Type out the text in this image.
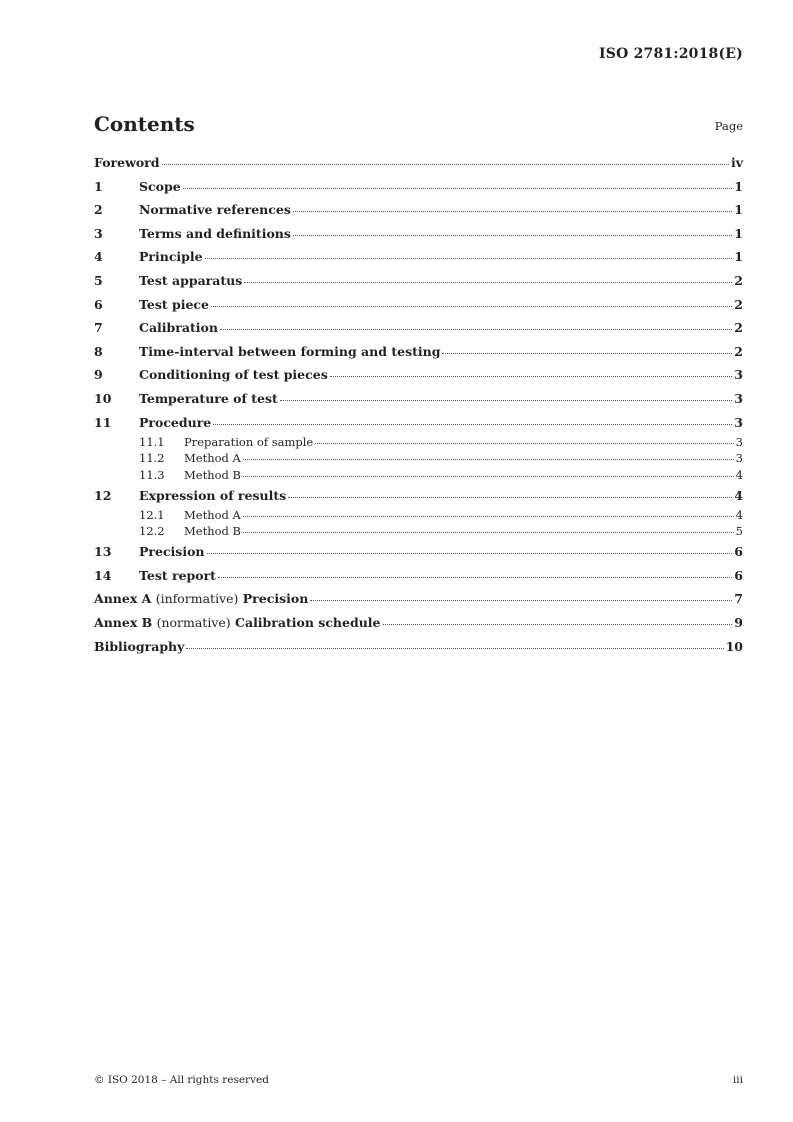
ISO 2781:2018(E)
Contents	Page
Foreword	iv
1	Scope	1
2	Normative references	1
3	Terms and definitions	1
4	Principle	1
5	Test apparatus	2
6	Test piece	2
7	Calibration	2
8	Time-interval between forming and testing	2
9	Conditioning of test pieces	3
10	Temperature of test	3
11	Procedure	3
11.1	Preparation of sample	3
11.2	Method A	3
11.3	Method B	4
12	Expression of results	4
12.1	Method A	4
12.2	Method B	5
13	Precision	6
14	Test report	6
Annex A (informative) Precision	7
Annex B (normative) Calibration schedule	9
Bibliography	10
© ISO 2018 – All rights reserved	iii
